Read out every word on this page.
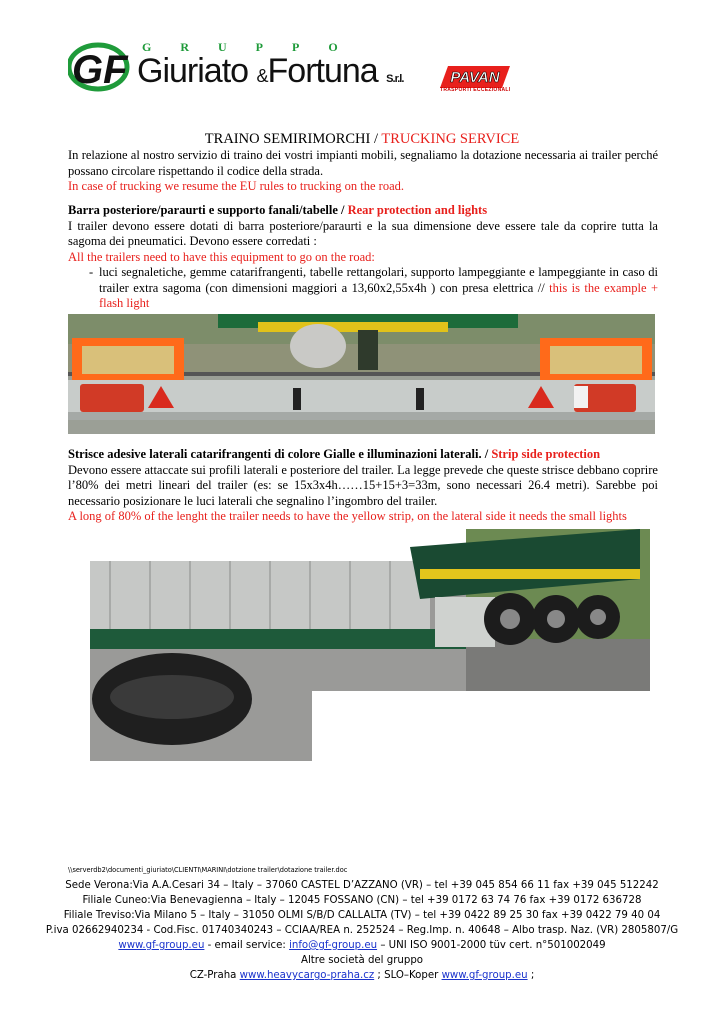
GF
GRUPPO
Giuriato &Fortuna S.r.l.	PAVAN
TRASPORTI ECCEZIONALI
TRAINO SEMIRIMORCHI / TRUCKING SERVICE

In relazione al nostro servizio di traino dei vostri impianti mobili, segnaliamo la dotazione necessaria ai trailer perché possano circolare rispettando il codice della strada.

In case of trucking we resume the EU rules to trucking on the road.

Barra posteriore/paraurti e supporto fanali/tabelle / Rear protection and lights

I trailer devono essere dotati di barra posteriore/paraurti e la sua dimensione deve essere tale da coprire tutta la sagoma dei pneumatici. Devono essere corredati :

All the trailers need to have this equipment to go on the road:

- luci segnaletiche, gemme catarifrangenti, tabelle rettangolari, supporto lampeggiante e lampeggiante in caso di trailer extra sagoma (con dimensioni maggiori a 13,60x2,55x4h ) con presa elettrica // this is the example + flash light

Strisce adesive laterali catarifrangenti di colore Gialle e illuminazioni laterali. / Strip side protection

Devono essere attaccate sui profili laterali e posteriore del trailer. La legge prevede che queste strisce debbano coprire l’80% dei metri lineari del trailer (es: se 15x3x4h……15+15+3=33m, sono necessari 26.4 metri). Sarebbe poi necessario posizionare le luci laterali che segnalino l’ingombro del trailer.

A long of 80% of the lenght the trailer needs to have the yellow strip, on the lateral side it needs the small lights

\\serverdb2\documenti_giuriato\CLIENTI\MARINI\dotzione trailer\dotazione trailer.doc
Sede Verona:Via A.A.Cesari 34 – Italy – 37060 CASTEL D’AZZANO (VR) – tel +39 045 854 66 11 fax +39 045 512242
Filiale Cuneo:Via Benevagienna – Italy – 12045 FOSSANO (CN) – tel +39 0172 63 74 76 fax +39 0172 636728
Filiale Treviso:Via Milano 5 – Italy – 31050 OLMI S/B/D CALLALTA (TV) – tel +39 0422 89 25 30 fax +39 0422 79 40 04
P.iva 02662940234 - Cod.Fisc. 01740340243 – CCIAA/REA n. 252524 – Reg.Imp. n. 40648 – Albo trasp. Naz. (VR) 2805807/G
www.gf-group.eu - email service: info@gf-group.eu – UNI ISO 9001-2000 tüv cert. n°501002049
Altre società del gruppo
CZ-Praha www.heavycargo-praha.cz ; SLO–Koper www.gf-group.eu ;
